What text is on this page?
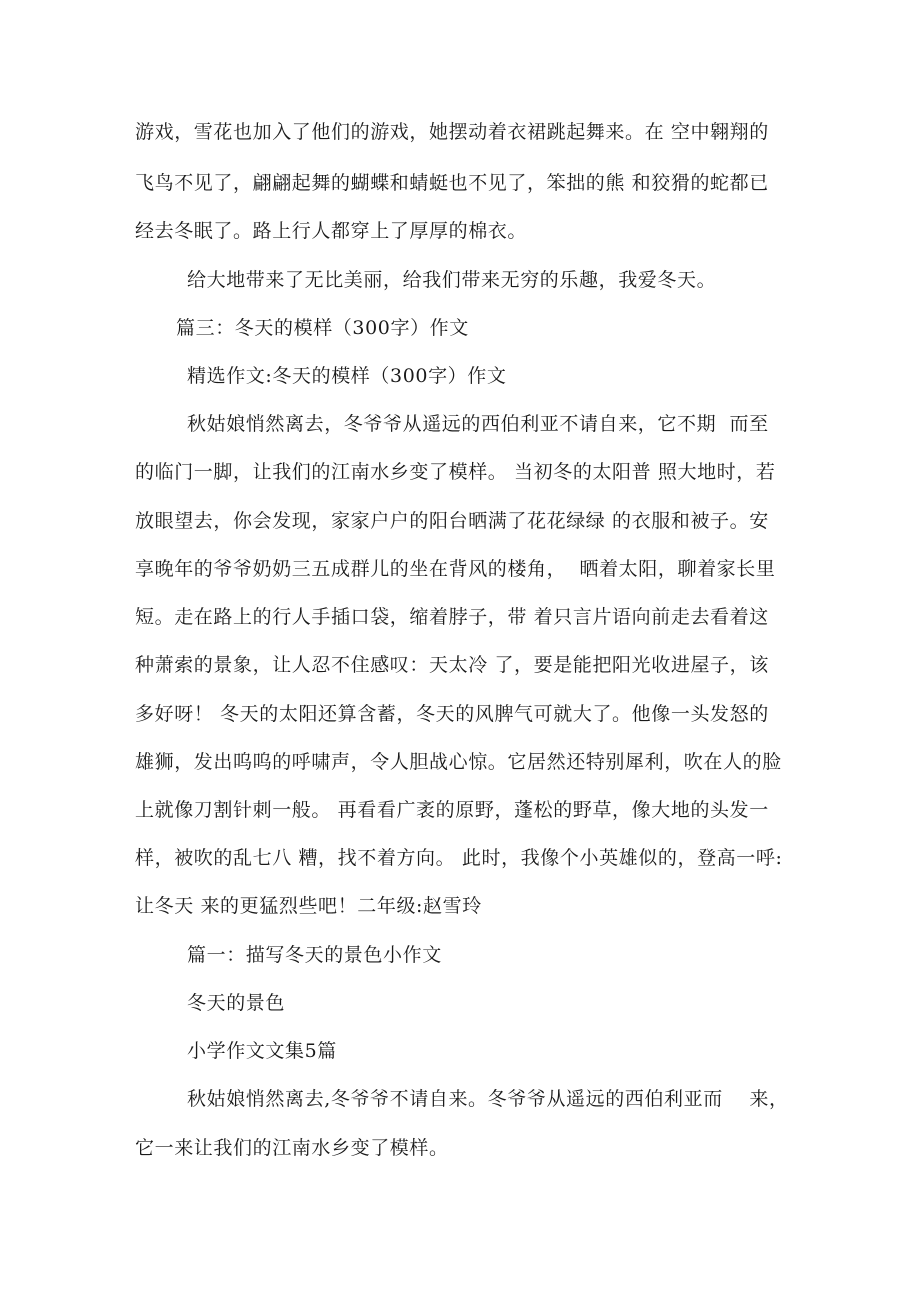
游戏，雪花也加入了他们的游戏，她摆动着衣裙跳起舞来。在 空中翱翔的
飞鸟不见了，翩翩起舞的蝴蝶和蜻蜓也不见了，笨拙的熊 和狡猾的蛇都已
经去冬眠了。路上行人都穿上了厚厚的棉衣。
给大地带来了无比美丽，给我们带来无穷的乐趣，我爱冬天。
篇三：冬天的模样（300字）作文
精选作文:冬天的模样（300字）作文
秋姑娘悄然离去，冬爷爷从遥远的西伯利亚不请自来，它不期  而至
的临门一脚，让我们的江南水乡变了模样。 当初冬的太阳普 照大地时，若
放眼望去，你会发现，家家户户的阳台晒满了花花绿绿 的衣服和被子。安
享晚年的爷爷奶奶三五成群儿的坐在背风的楼角，  晒着太阳，聊着家长里
短。走在路上的行人手插口袋，缩着脖子，带 着只言片语向前走去看着这
种萧索的景象，让人忍不住感叹：天太冷 了，要是能把阳光收进屋子，该
多好呀！ 冬天的太阳还算含蓄，冬天的风脾气可就大了。他像一头发怒的
雄狮，发出呜呜的呼啸声，令人胆战心惊。它居然还特别犀利，吹在人的脸
上就像刀割针刺一般。 再看看广袤的原野，蓬松的野草，像大地的头发一
样，被吹的乱七八 糟，找不着方向。 此时，我像个小英雄似的，登高一呼:
让冬天 来的更猛烈些吧！二年级:赵雪玲
篇一：描写冬天的景色小作文
冬天的景色
小学作文文集5篇
秋姑娘悄然离去,冬爷爷不请自来。冬爷爷从遥远的西伯利亚而    来，
它一来让我们的江南水乡变了模样。
